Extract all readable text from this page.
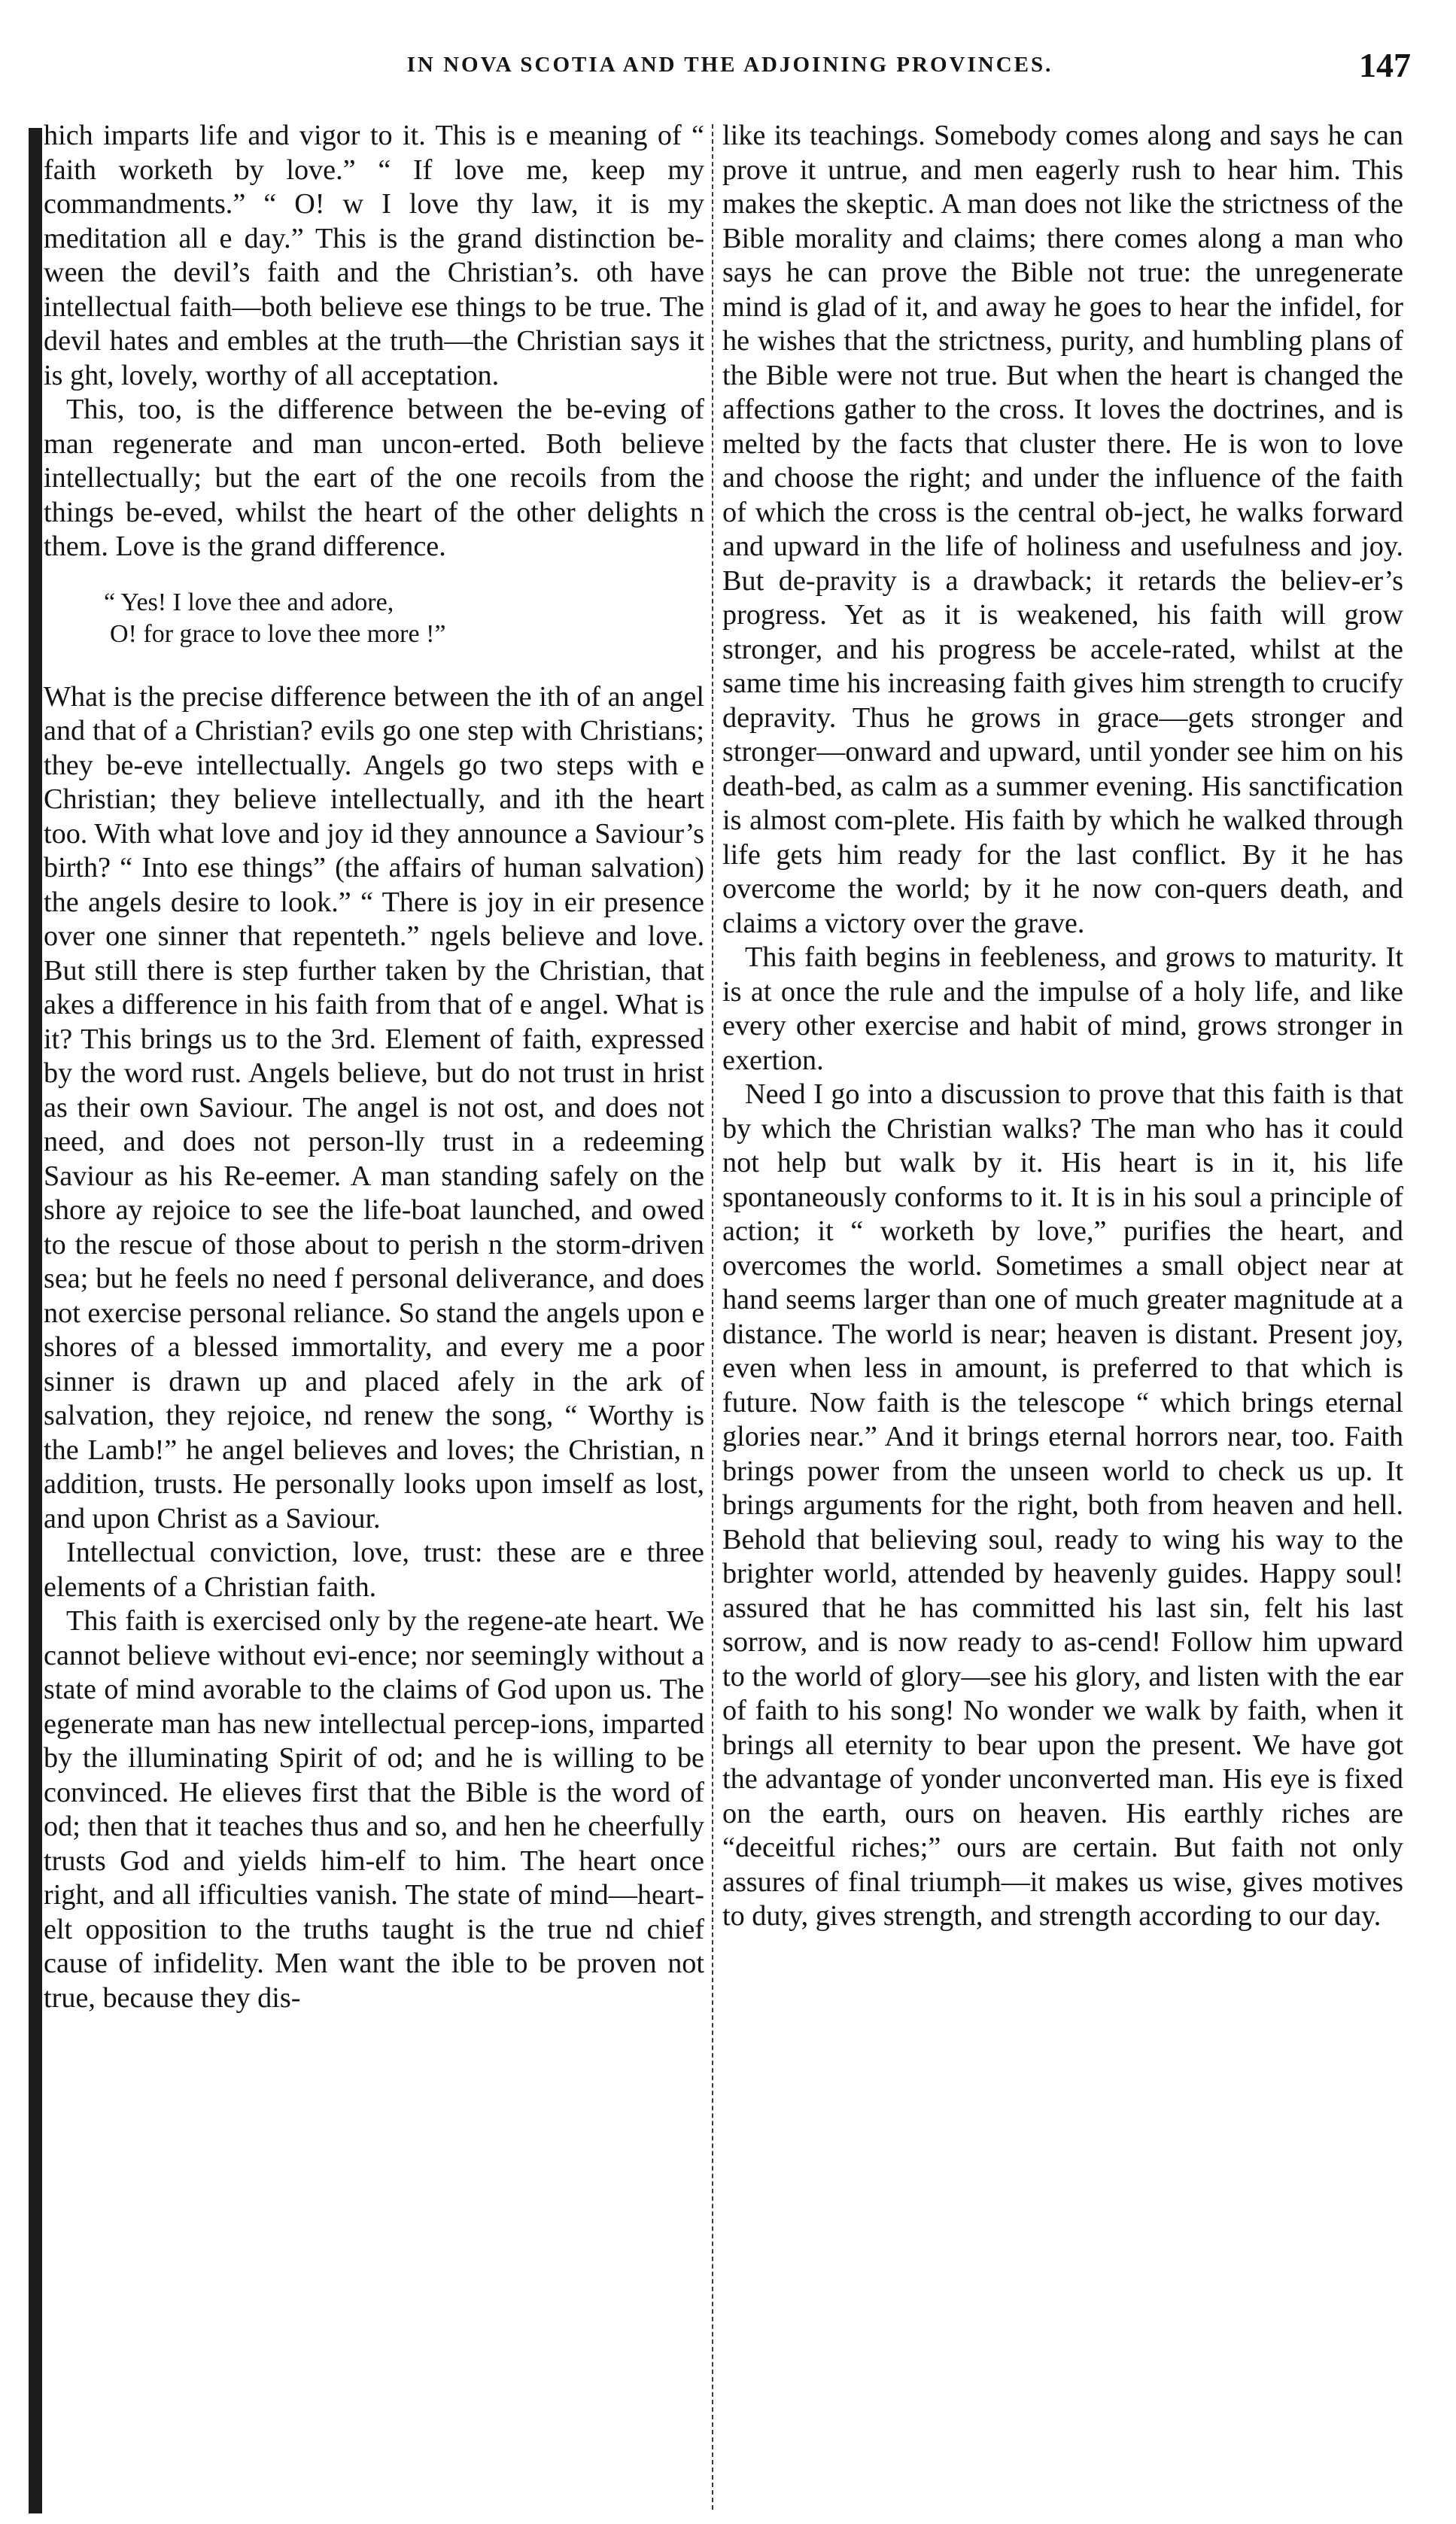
IN NOVA SCOTIA AND THE ADJOINING PROVINCES.	147

hich imparts life and vigor to it. This is e meaning of “ faith worketh by love.” “ If love me, keep my commandments.” “ O! w I love thy law, it is my meditation all e day.” This is the grand distinction be-ween the devil’s faith and the Christian’s. oth have intellectual faith—both believe ese things to be true. The devil hates and embles at the truth—the Christian says it is ght, lovely, worthy of all acceptation.

This, too, is the difference between the be-eving of man regenerate and man uncon-erted. Both believe intellectually; but the eart of the one recoils from the things be-eved, whilst the heart of the other delights n them. Love is the grand difference.

“ Yes! I love thee and adore,
O! for grace to love thee more !”

What is the precise difference between the ith of an angel and that of a Christian? evils go one step with Christians; they be-eve intellectually. Angels go two steps with e Christian; they believe intellectually, and ith the heart too. With what love and joy id they announce a Saviour’s birth? “ Into ese things” (the affairs of human salvation) the angels desire to look.” “ There is joy in eir presence over one sinner that repenteth.” ngels believe and love. But still there is step further taken by the Christian, that akes a difference in his faith from that of e angel. What is it? This brings us to the 3rd. Element of faith, expressed by the word rust. Angels believe, but do not trust in hrist as their own Saviour. The angel is not ost, and does not need, and does not person-lly trust in a redeeming Saviour as his Re-eemer. A man standing safely on the shore ay rejoice to see the life-boat launched, and owed to the rescue of those about to perish n the storm-driven sea; but he feels no need f personal deliverance, and does not exercise personal reliance. So stand the angels upon e shores of a blessed immortality, and every me a poor sinner is drawn up and placed afely in the ark of salvation, they rejoice, nd renew the song, “ Worthy is the Lamb!” he angel believes and loves; the Christian, n addition, trusts. He personally looks upon imself as lost, and upon Christ as a Saviour.

Intellectual conviction, love, trust: these are e three elements of a Christian faith.

This faith is exercised only by the regene-ate heart. We cannot believe without evi-ence; nor seemingly without a state of mind avorable to the claims of God upon us. The egenerate man has new intellectual percep-ions, imparted by the illuminating Spirit of od; and he is willing to be convinced. He elieves first that the Bible is the word of od; then that it teaches thus and so, and hen he cheerfully trusts God and yields him-elf to him. The heart once right, and all ifficulties vanish. The state of mind—heart-elt opposition to the truths taught is the true nd chief cause of infidelity. Men want the ible to be proven not true, because they dis-

like its teachings. Somebody comes along and says he can prove it untrue, and men eagerly rush to hear him. This makes the skeptic. A man does not like the strictness of the Bible morality and claims; there comes along a man who says he can prove the Bible not true: the unregenerate mind is glad of it, and away he goes to hear the infidel, for he wishes that the strictness, purity, and humbling plans of the Bible were not true. But when the heart is changed the affections gather to the cross. It loves the doctrines, and is melted by the facts that cluster there. He is won to love and choose the right; and under the influence of the faith of which the cross is the central ob-ject, he walks forward and upward in the life of holiness and usefulness and joy. But de-pravity is a drawback; it retards the believ-er’s progress. Yet as it is weakened, his faith will grow stronger, and his progress be accele-rated, whilst at the same time his increasing faith gives him strength to crucify depravity. Thus he grows in grace—gets stronger and stronger—onward and upward, until yonder see him on his death-bed, as calm as a summer evening. His sanctification is almost com-plete. His faith by which he walked through life gets him ready for the last conflict. By it he has overcome the world; by it he now con-quers death, and claims a victory over the grave.

This faith begins in feebleness, and grows to maturity. It is at once the rule and the impulse of a holy life, and like every other exercise and habit of mind, grows stronger in exertion.

Need I go into a discussion to prove that this faith is that by which the Christian walks? The man who has it could not help but walk by it. His heart is in it, his life spontaneously conforms to it. It is in his soul a principle of action; it “ worketh by love,” purifies the heart, and overcomes the world. Sometimes a small object near at hand seems larger than one of much greater magnitude at a distance. The world is near; heaven is distant. Present joy, even when less in amount, is preferred to that which is future. Now faith is the telescope “ which brings eternal glories near.” And it brings eternal horrors near, too. Faith brings power from the unseen world to check us up. It brings arguments for the right, both from heaven and hell. Behold that believing soul, ready to wing his way to the brighter world, attended by heavenly guides. Happy soul! assured that he has committed his last sin, felt his last sorrow, and is now ready to as-cend! Follow him upward to the world of glory—see his glory, and listen with the ear of faith to his song! No wonder we walk by faith, when it brings all eternity to bear upon the present. We have got the advantage of yonder unconverted man. His eye is fixed on the earth, ours on heaven. His earthly riches are “deceitful riches;” ours are certain. But faith not only assures of final triumph—it makes us wise, gives motives to duty, gives strength, and strength according to our day.
